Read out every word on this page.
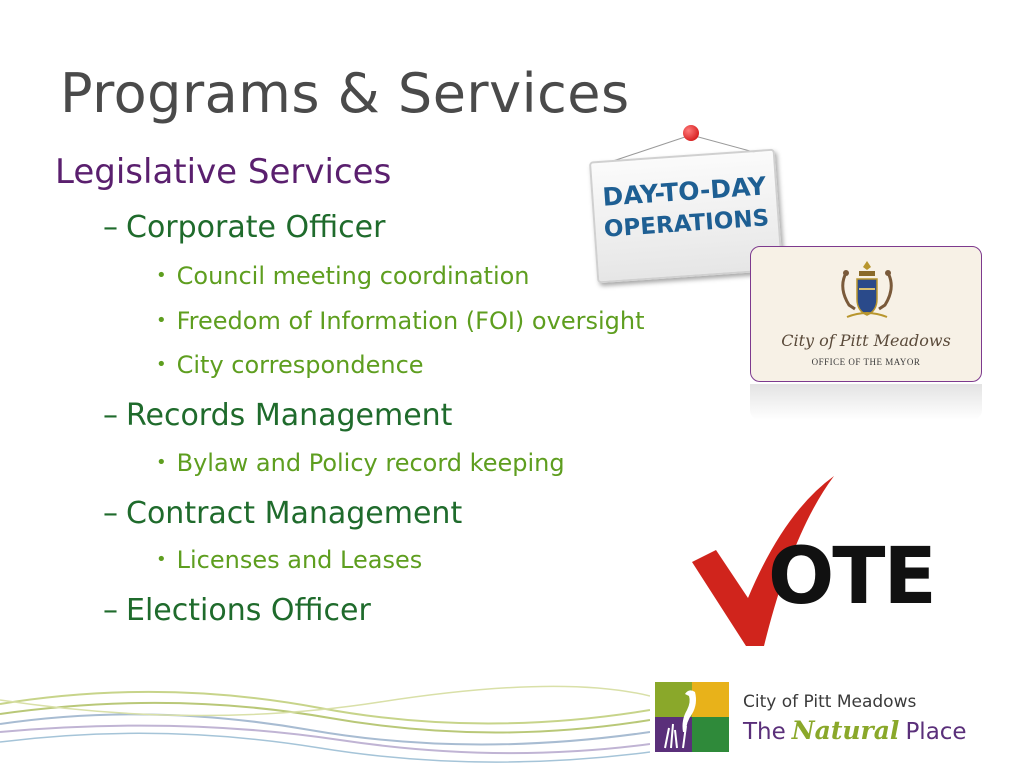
Programs & Services
Legislative Services
– Corporate Officer
• Council meeting coordination
• Freedom of Information (FOI) oversight
• City correspondence
– Records Management
• Bylaw and Policy record keeping
– Contract Management
• Licenses and Leases
– Elections Officer
DAY-TO-DAY
OPERATIONS
City of Pitt Meadows
OFFICE OF THE MAYOR
OTE
City of Pitt Meadows
The Natural Place
